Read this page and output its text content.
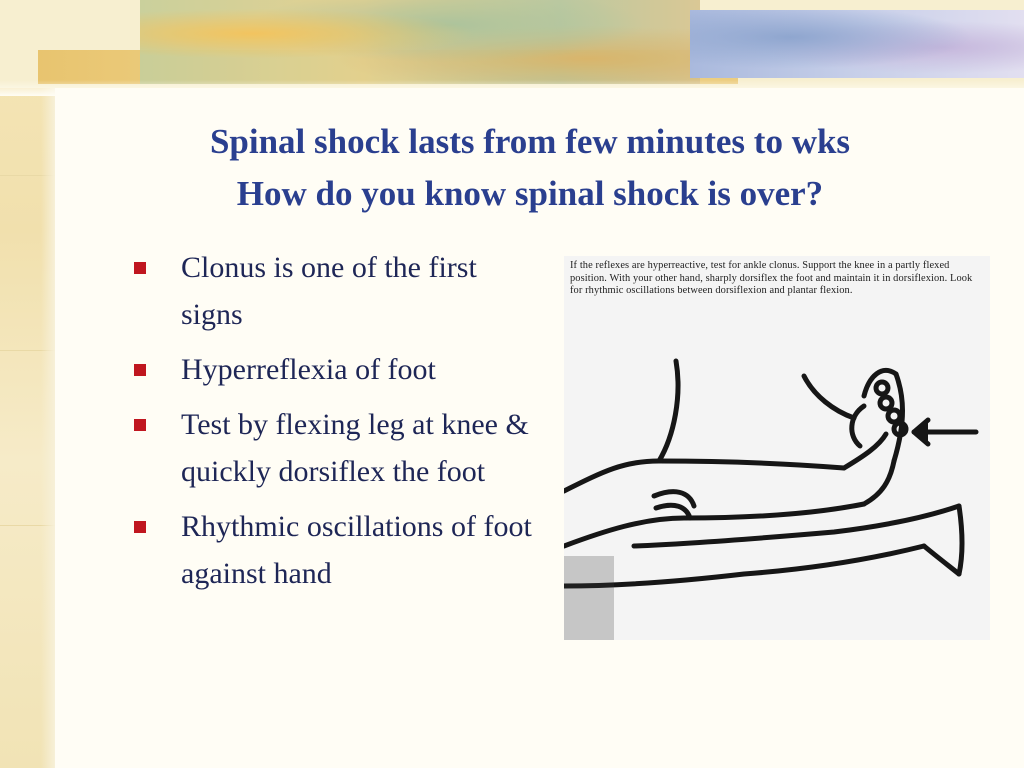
Spinal shock lasts from few minutes to wks
How do you know spinal shock is over?
Clonus is one of the first signs
Hyperreflexia of foot
Test by flexing leg at knee & quickly dorsiflex the foot
Rhythmic oscillations of foot against hand
If the reflexes are hyperreactive, test for ankle clonus. Support the knee in a partly flexed position. With your other hand, sharply dorsiflex the foot and maintain it in dorsiflexion. Look for rhythmic oscillations between dorsiflexion and plantar flexion.
